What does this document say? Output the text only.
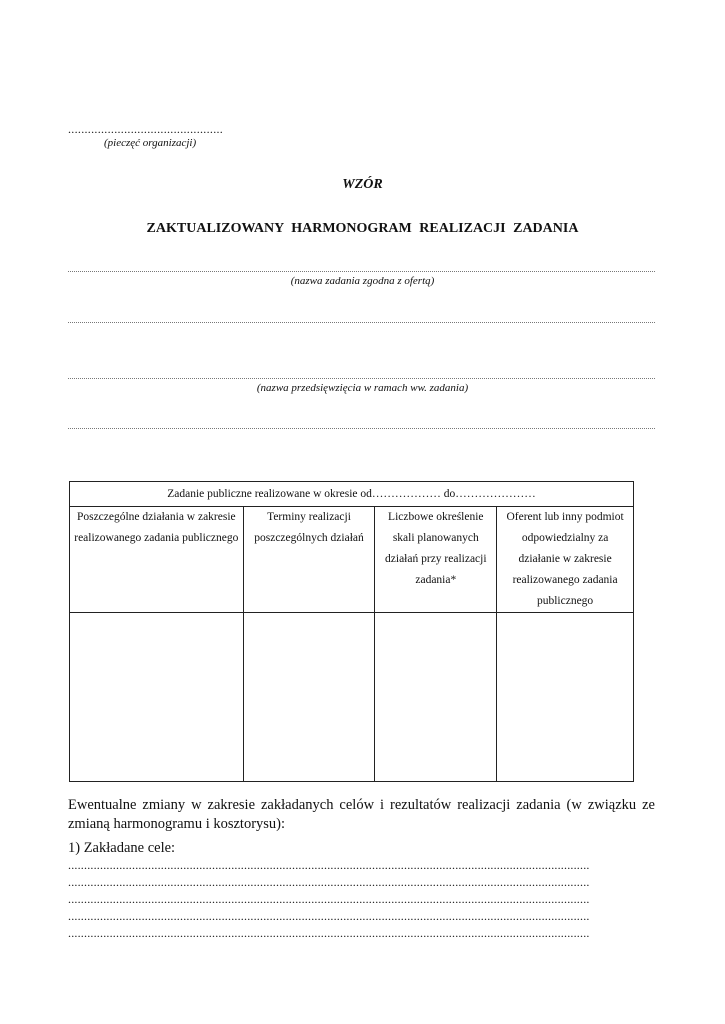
...............................................
(pieczęć organizacji)
WZÓR
ZAKTUALIZOWANY HARMONOGRAM REALIZACJI ZADANIA
(nazwa zadania zgodna z ofertą)
(nazwa przedsięwzięcia w ramach ww. zadania)
Zadanie publiczne realizowane w okresie od……………… do…………………			
Poszczególne działania w zakresie realizowanego zadania publicznego	Terminy realizacji poszczególnych działań	Liczbowe określenie skali planowanych działań przy realizacji zadania*	Oferent lub inny podmiot odpowiedzialny za działanie w zakresie realizowanego zadania publicznego

Ewentualne zmiany w zakresie zakładanych celów i rezultatów realizacji zadania (w związku ze zmianą harmonogramu i kosztorysu):
1) Zakładane cele:
...................................................................................................................................................................
...................................................................................................................................................................
...................................................................................................................................................................
...................................................................................................................................................................
...................................................................................................................................................................
